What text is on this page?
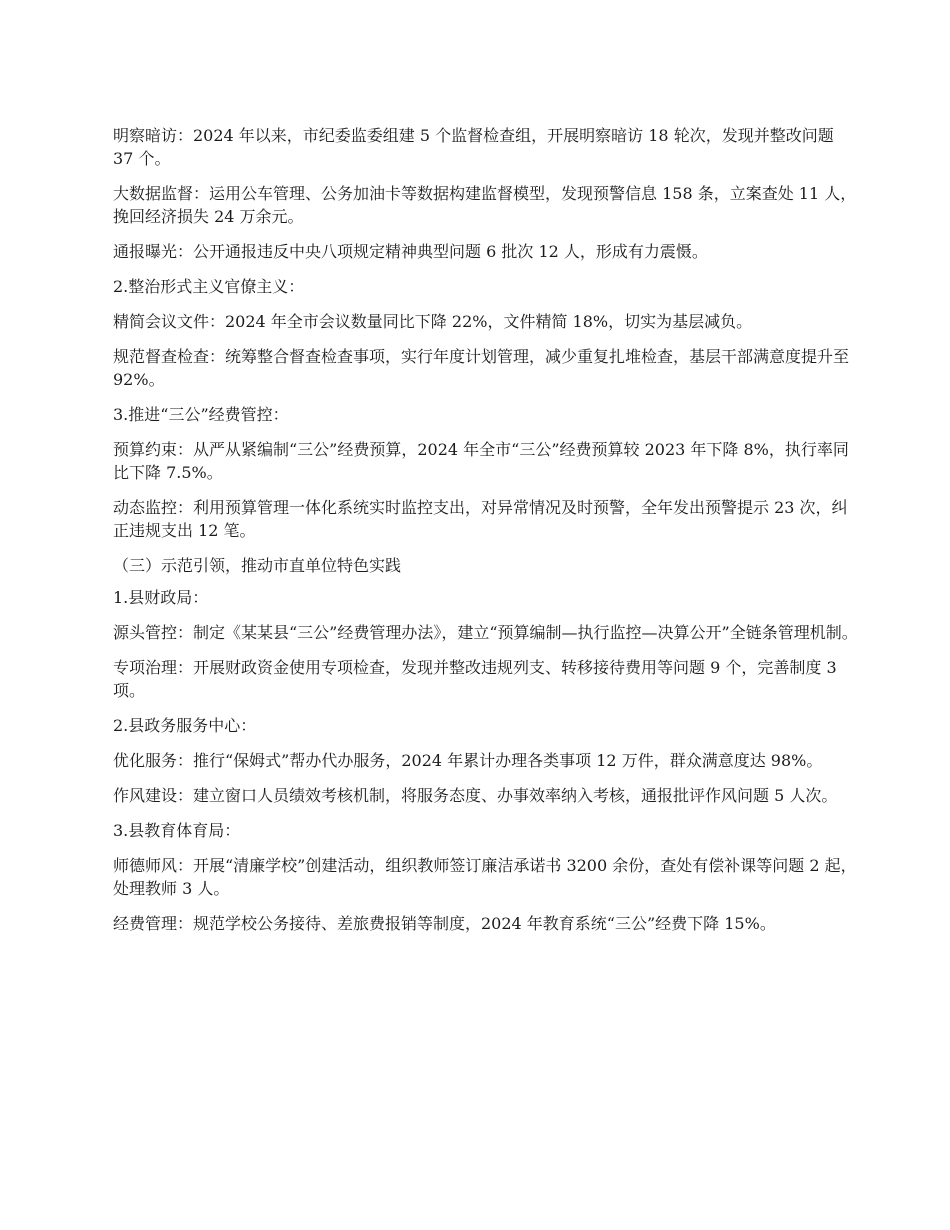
明察暗访：2024 年以来，市纪委监委组建 5 个监督检查组，开展明察暗访 18 轮次，发现并整改问题 37 个。

大数据监督：运用公车管理、公务加油卡等数据构建监督模型，发现预警信息 158 条，立案查处 11 人，挽回经济损失 24 万余元。

通报曝光：公开通报违反中央八项规定精神典型问题 6 批次 12 人，形成有力震慑。

2.整治形式主义官僚主义：

精简会议文件：2024 年全市会议数量同比下降 22%，文件精简 18%，切实为基层减负。

规范督查检查：统筹整合督查检查事项，实行年度计划管理，减少重复扎堆检查，基层干部满意度提升至 92%。

3.推进“三公”经费管控：

预算约束：从严从紧编制“三公”经费预算，2024 年全市“三公”经费预算较 2023 年下降 8%，执行率同比下降 7.5%。

动态监控：利用预算管理一体化系统实时监控支出，对异常情况及时预警，全年发出预警提示 23 次，纠正违规支出 12 笔。

（三）示范引领，推动市直单位特色实践

1.县财政局：

源头管控：制定《某某县“三公”经费管理办法》，建立“预算编制—执行监控—决算公开”全链条管理机制。

专项治理：开展财政资金使用专项检查，发现并整改违规列支、转移接待费用等问题 9 个，完善制度 3 项。

2.县政务服务中心：

优化服务：推行“保姆式”帮办代办服务，2024 年累计办理各类事项 12 万件，群众满意度达 98%。

作风建设：建立窗口人员绩效考核机制，将服务态度、办事效率纳入考核，通报批评作风问题 5 人次。

3.县教育体育局：

师德师风：开展“清廉学校”创建活动，组织教师签订廉洁承诺书 3200 余份，查处有偿补课等问题 2 起，处理教师 3 人。

经费管理：规范学校公务接待、差旅费报销等制度，2024 年教育系统“三公”经费下降 15%。
